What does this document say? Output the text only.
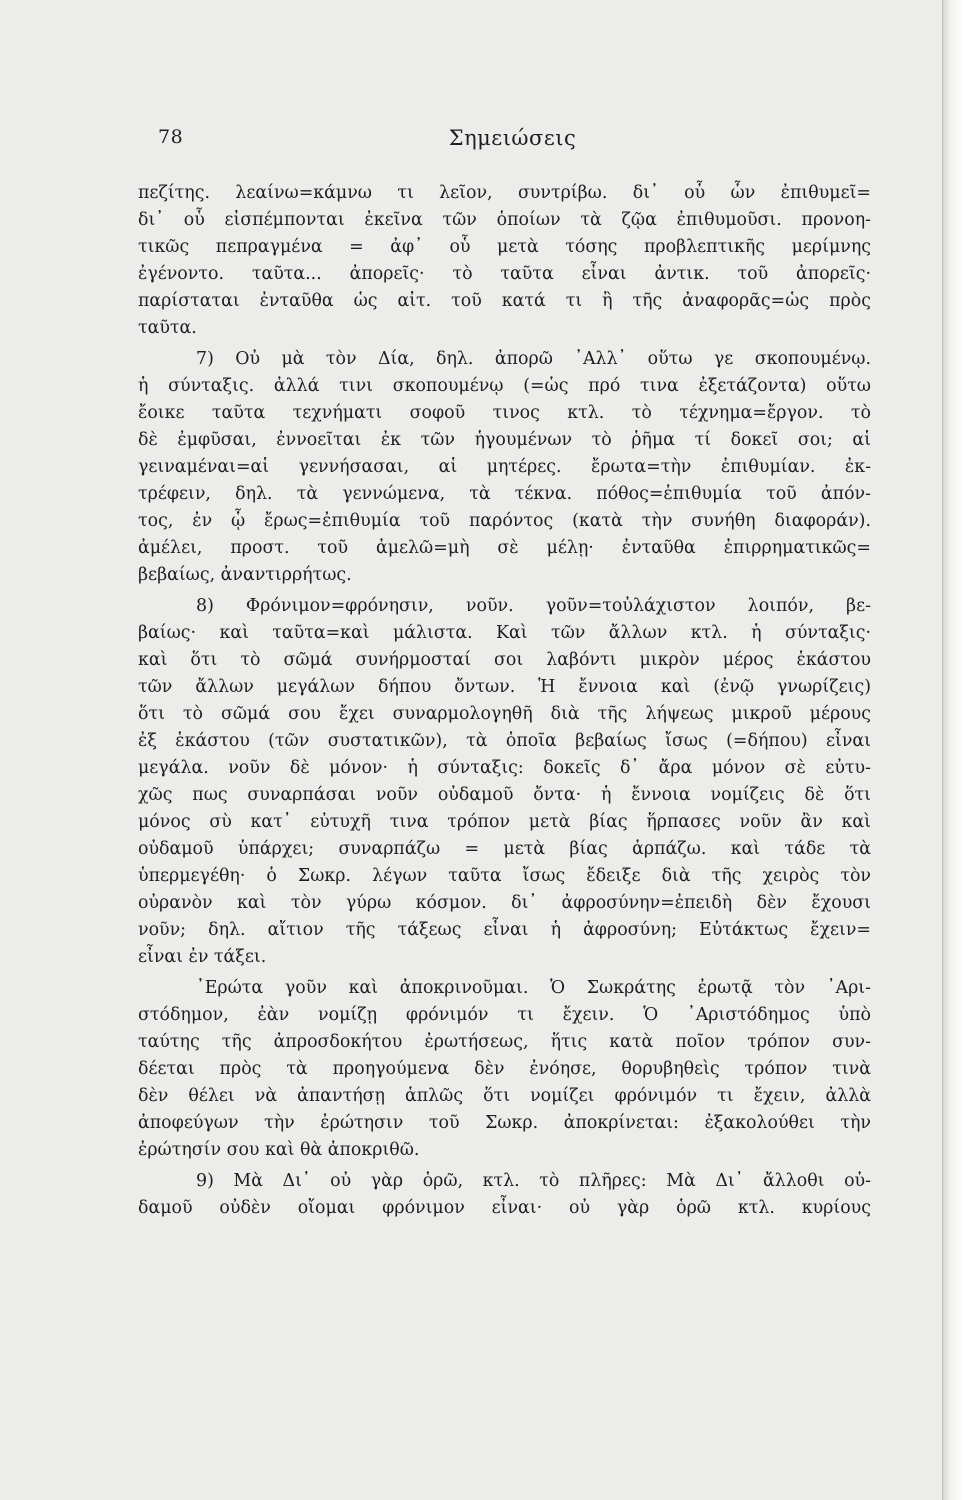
78	Σημειώσεις
πεζίτης. λεαίνω=κάμνω τι λεῖον, συντρίβω. δι᾿ οὗ ὧν ἐπιθυμεῖ=
δι᾿ οὗ εἰσπέμπονται ἐκεῖνα τῶν ὁποίων τὰ ζῷα ἐπιθυμοῦσι. προνοη-
τικῶς πεπραγμένα = ἀφ᾿ οὗ μετὰ τόσης προβλεπτικῆς μερίμνης
ἐγένοντο. ταῦτα... ἀπορεῖς· τὸ ταῦτα εἶναι ἀντικ. τοῦ ἀπορεῖς·
παρίσταται ἐνταῦθα ὡς αἰτ. τοῦ κατά τι ἢ τῆς ἀναφορᾶς=ὡς πρὸς
ταῦτα.
7) Οὐ μὰ τὸν Δία, δηλ. ἀπορῶ ᾿Αλλ᾿ οὕτω γε σκοπουμένῳ.
ἡ σύνταξις. ἀλλά τινι σκοπουμένῳ (=ὡς πρό τινα ἐξετάζοντα) οὕτω
ἔοικε ταῦτα τεχνήματι σοφοῦ τινος κτλ. τὸ τέχνημα=ἔργον. τὸ
δὲ ἐμφῦσαι, ἐννοεῖται ἐκ τῶν ἡγουμένων τὸ ῥῆμα τί δοκεῖ σοι; αἱ
γειναμέναι=αἱ γεννήσασαι, αἱ μητέρες. ἔρωτα=τὴν ἐπιθυμίαν. ἐκ-
τρέφειν, δηλ. τὰ γεννώμενα, τὰ τέκνα. πόθος=ἐπιθυμία τοῦ ἀπόν-
τος, ἐν ᾧ ἔρως=ἐπιθυμία τοῦ παρόντος (κατὰ τὴν συνήθη διαφοράν).
ἀμέλει, προστ. τοῦ ἀμελῶ=μὴ σὲ μέλῃ· ἐνταῦθα ἐπιρρηματικῶς=
βεβαίως, ἀναντιρρήτως.
8) Φρόνιμον=φρόνησιν, νοῦν. γοῦν=τοὐλάχιστον λοιπόν, βε-
βαίως· καὶ ταῦτα=καὶ μάλιστα. Καὶ τῶν ἄλλων κτλ. ἡ σύνταξις·
καὶ ὅτι τὸ σῶμά συνήρμοσταί σοι λαβόντι μικρὸν μέρος ἑκάστου
τῶν ἄλλων μεγάλων δήπου ὄντων. Ἡ ἔννοια καὶ (ἐνῷ γνωρίζεις)
ὅτι τὸ σῶμά σου ἔχει συναρμολογηθῆ διὰ τῆς λήψεως μικροῦ μέρους
ἐξ ἑκάστου (τῶν συστατικῶν), τὰ ὁποῖα βεβαίως ἴσως (=δήπου) εἶναι
μεγάλα. νοῦν δὲ μόνον· ἡ σύνταξις: δοκεῖς δ᾿ ἄρα μόνον σὲ εὐτυ-
χῶς πως συναρπάσαι νοῦν οὐδαμοῦ ὄντα· ἡ ἔννοια νομίζεις δὲ ὅτι
μόνος σὺ κατ᾿ εὐτυχῆ τινα τρόπον μετὰ βίας ἥρπασες νοῦν ἂν καὶ
οὐδαμοῦ ὑπάρχει; συναρπάζω = μετὰ βίας ἁρπάζω. καὶ τάδε τὰ
ὑπερμεγέθη· ὁ Σωκρ. λέγων ταῦτα ἴσως ἔδειξε διὰ τῆς χειρὸς τὸν
οὐρανὸν καὶ τὸν γύρω κόσμον. δι᾿ ἀφροσύνην=ἐπειδὴ δὲν ἔχουσι
νοῦν; δηλ. αἴτιον τῆς τάξεως εἶναι ἡ ἀφροσύνη; Εὐτάκτως ἔχειν=
εἶναι ἐν τάξει.
᾿Ερώτα γοῦν καὶ ἀποκρινοῦμαι. Ὁ Σωκράτης ἐρωτᾷ τὸν ᾿Αρι-
στόδημον, ἐὰν νομίζῃ φρόνιμόν τι ἔχειν. Ὁ ᾿Αριστόδημος ὑπὸ
ταύτης τῆς ἀπροσδοκήτου ἐρωτήσεως, ἥτις κατὰ ποῖον τρόπον συν-
δέεται πρὸς τὰ προηγούμενα δὲν ἐνόησε, θορυβηθεὶς τρόπον τινὰ
δὲν θέλει νὰ ἀπαντήσῃ ἁπλῶς ὅτι νομίζει φρόνιμόν τι ἔχειν, ἀλλὰ
ἀποφεύγων τὴν ἐρώτησιν τοῦ Σωκρ. ἀποκρίνεται: ἐξακολούθει τὴν
ἐρώτησίν σου καὶ θὰ ἀποκριθῶ.
9) Μὰ Δι᾿ οὐ γὰρ ὁρῶ, κτλ. τὸ πλῆρες: Μὰ Δι᾿ ἄλλοθι οὐ-
δαμοῦ οὐδὲν οἴομαι φρόνιμον εἶναι· οὐ γὰρ ὁρῶ κτλ. κυρίους
